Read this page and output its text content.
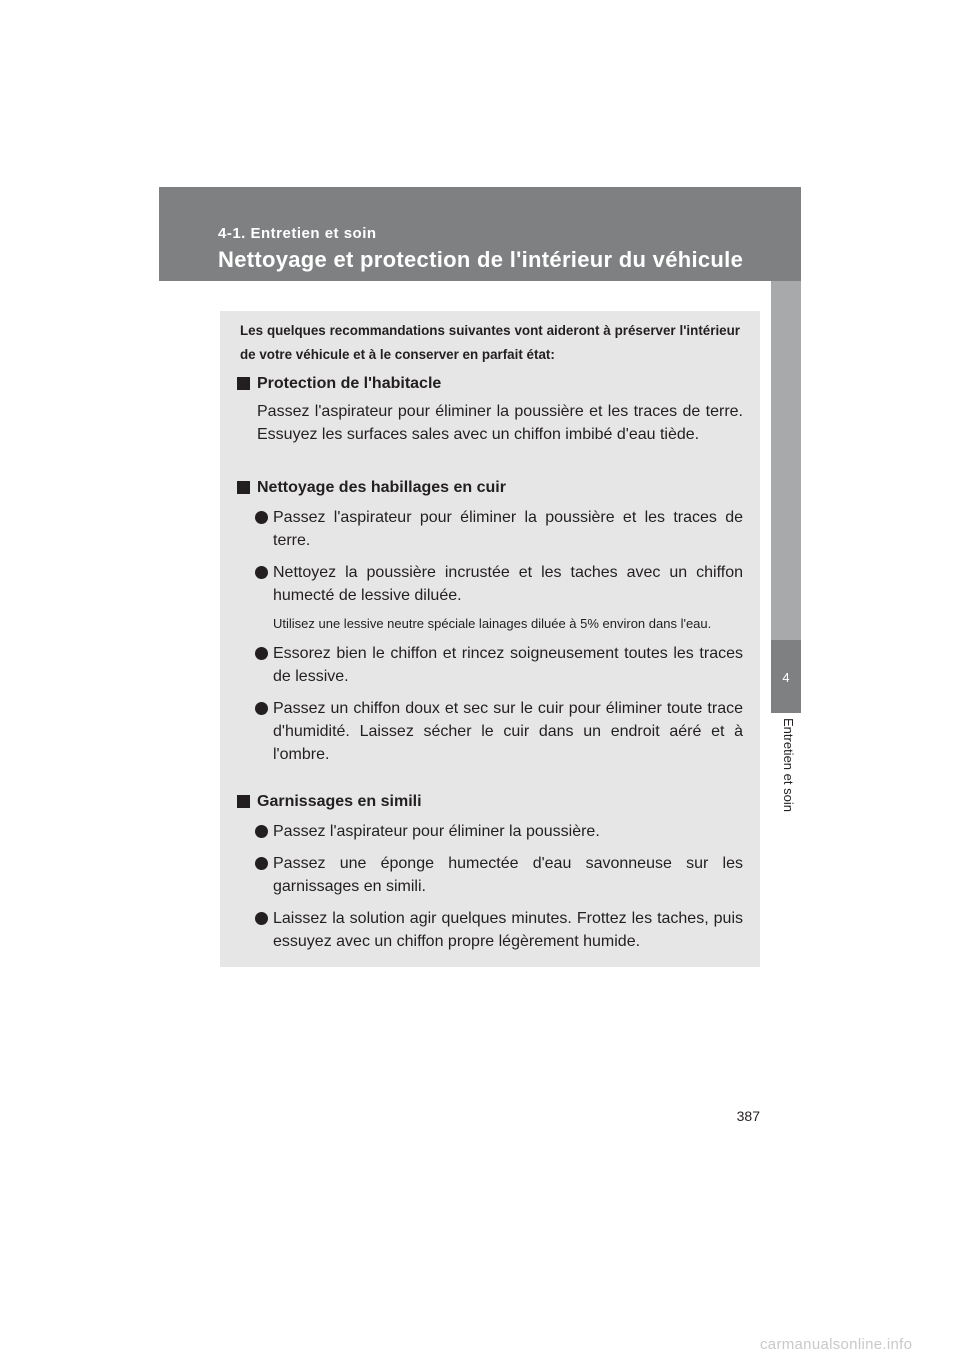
4-1. Entretien et soin
Nettoyage et protection de l'intérieur du véhicule
4
Entretien et soin
Les quelques recommandations suivantes vont aideront à préserver l'intérieur de votre véhicule et à le conserver en parfait état:
Protection de l'habitacle
Passez l'aspirateur pour éliminer la poussière et les traces de terre. Essuyez les surfaces sales avec un chiffon imbibé d'eau tiède.
Nettoyage des habillages en cuir
Passez l'aspirateur pour éliminer la poussière et les traces de terre.
Nettoyez la poussière incrustée et les taches avec un chiffon humecté de lessive diluée.
Utilisez une lessive neutre spéciale lainages diluée à 5% environ dans l'eau.
Essorez bien le chiffon et rincez soigneusement toutes les traces de lessive.
Passez un chiffon doux et sec sur le cuir pour éliminer toute trace d'humidité. Laissez sécher le cuir dans un endroit aéré et à l'ombre.
Garnissages en simili
Passez l'aspirateur pour éliminer la poussière.
Passez une éponge humectée d'eau savonneuse sur les garnissages en simili.
Laissez la solution agir quelques minutes. Frottez les taches, puis essuyez avec un chiffon propre légèrement humide.
387
carmanualsonline.info
